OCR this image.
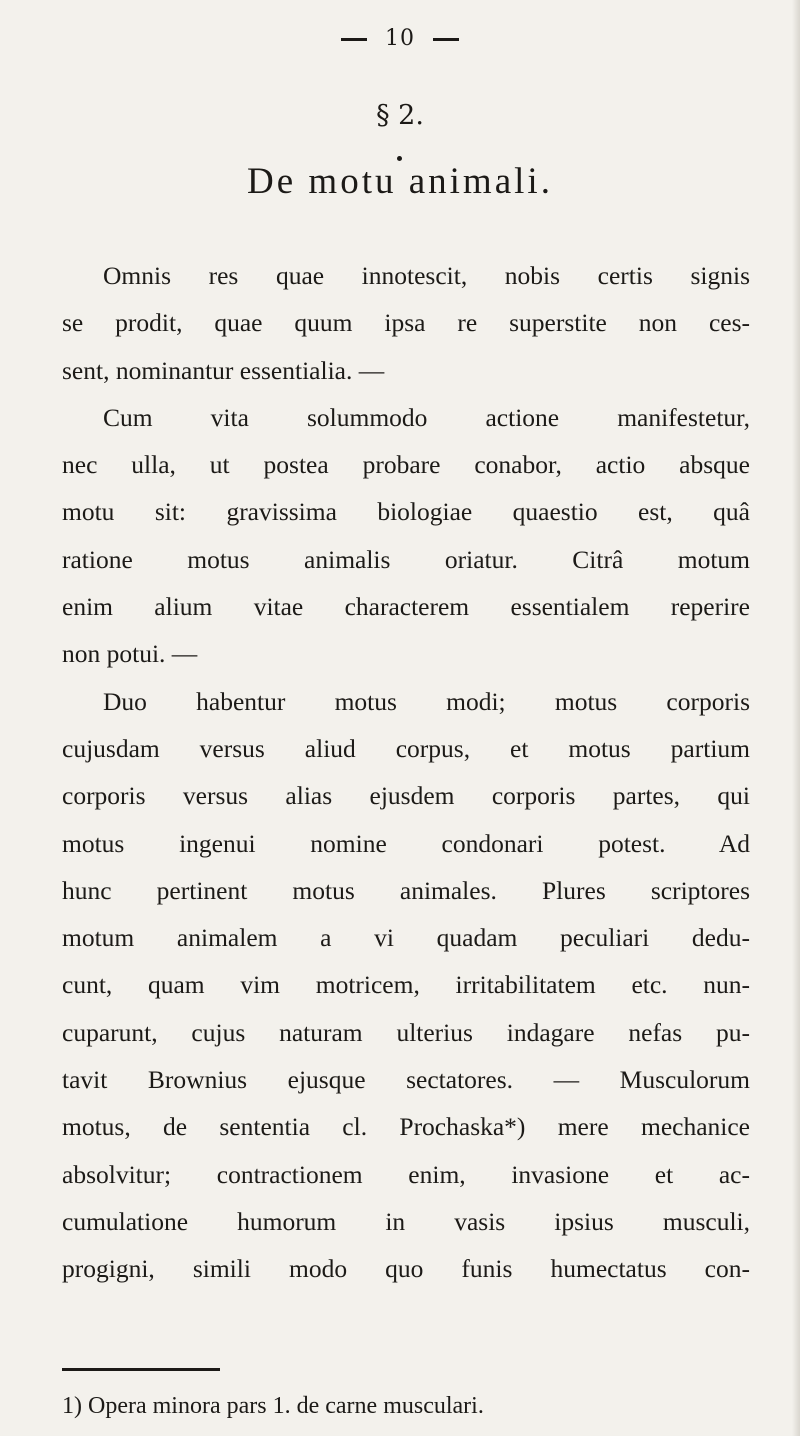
10
§ 2.
De motu animali.
Omnis res quae innotescit, nobis certis signis
se prodit, quae quum ipsa re superstite non ces-
sent, nominantur essentialia. —
Cum vita solummodo actione manifestetur,
nec ulla, ut postea probare conabor, actio absque
motu sit: gravissima biologiae quaestio est, quâ
ratione motus animalis oriatur. Citrâ motum
enim alium vitae characterem essentialem reperire
non potui. —
Duo habentur motus modi; motus corporis
cujusdam versus aliud corpus, et motus partium
corporis versus alias ejusdem corporis partes, qui
motus ingenui nomine condonari potest. Ad
hunc pertinent motus animales. Plures scriptores
motum animalem a vi quadam peculiari dedu-
cunt, quam vim motricem, irritabilitatem etc. nun-
cuparunt, cujus naturam ulterius indagare nefas pu-
tavit Brownius ejusque sectatores. — Musculorum
motus, de sententia cl. Prochaska*) mere mechanice
absolvitur; contractionem enim, invasione et ac-
cumulatione humorum in vasis ipsius musculi,
progigni, simili modo quo funis humectatus con-
1) Opera minora pars 1. de carne musculari.
